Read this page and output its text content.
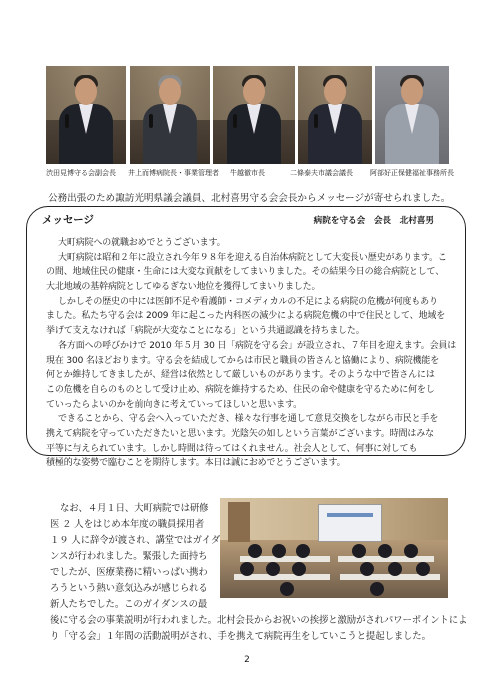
渋田見博守る会副会長 井上而博病院長・事業管理者 牛越徹市長	二條泰夫市議会議長 阿部好正保健福祉事務所長
公務出張のため諏訪光明県議会議員、北村喜男守る会会長からメッセージが寄せられました。
メッセージ	病院を守る会　会長　北村喜男
大町病院への就職おめでとうございます。
大町病院は昭和２年に設立され今年９８年を迎える自治体病院として大変長い歴史があります。こ
の間、地域住民の健康・生命には大変な貢献をしてまいりました。その結果今日の総合病院として、
大北地域の基幹病院としてゆるぎない地位を獲得してまいりました。
しかしその歴史の中には医師不足や看護師・コメディカルの不足による病院の危機が何度もあり
ました。私たち守る会は 2009 年に起こった内科医の減少による病院危機の中で住民として、地域を
挙げて支えなければ「病院が大変なことになる」という共通認識を持ちました。
各方面への呼びかけで 2010 年５月 30 日「病院を守る会」が設立され、７年目を迎えます。会員は
現在 300 名ほどおります。守る会を結成してからは市民と職員の皆さんと協働により、病院機能を
何とか維持してきましたが、経営は依然として厳しいものがあります。そのような中で皆さんには
この危機を自らのものとして受け止め、病院を維持するため、住民の命や健康を守るために何をし
ていったらよいのかを前向きに考えていってほしいと思います。
できることから、守る会へ入っていただき、様々な行事を通して意見交換をしながら市民と手を
携えて病院を守っていただきたいと思います。光陰矢の如しという言葉がございます。時間はみな
平等に与えられています。しかし時間は待ってはくれません。社会人として、何事に対しても
積極的な姿勢で臨むことを期待します。本日は誠におめでとうございます。
なお、４月１日、大町病院では研修
医 ２ 人をはじめ本年度の職員採用者
１９ 人に辞令が渡され、講堂ではガイダ
ンスが行われました。緊張した面持ち
でしたが、医療業務に精いっぱい携わ
ろうという熱い意気込みが感じられる
新人たちでした。このガイダンスの最
後に守る会の事業説明が行われました。北村会長からお祝いの挨拶と激励がされパワーポイントによ
り「守る会」１年間の活動説明がされ、手を携えて病院再生をしていこうと提起しました。
2
